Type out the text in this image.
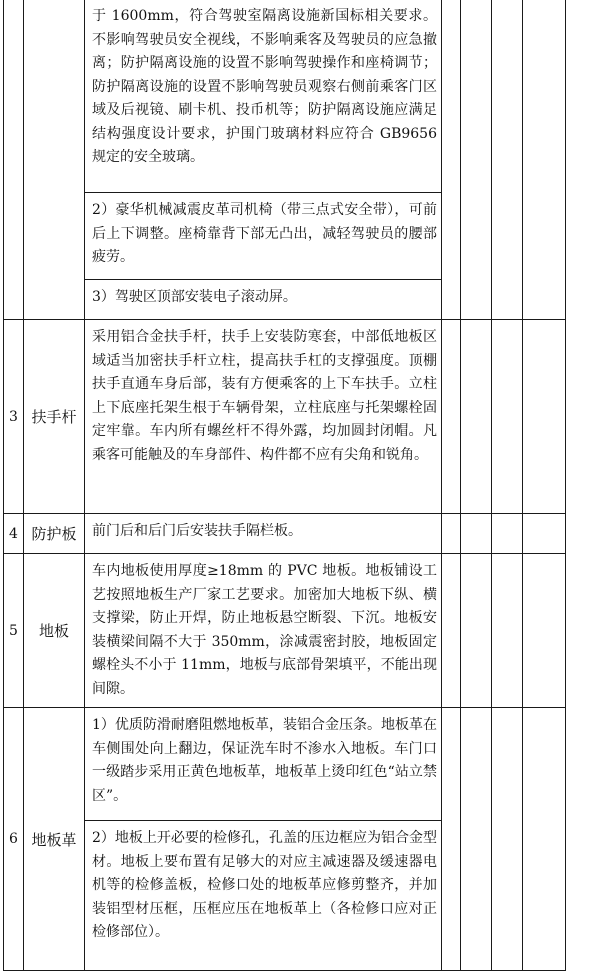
		于 1600mm，符合驾驶室隔离设施新国标相关要求。不影响驾驶员安全视线，不影响乘客及驾驶员的应急撤离；防护隔离设施的设置不影响驾驶操作和座椅调节；防护隔离设施的设置不影响驾驶员观察右侧前乘客门区域及后视镜、刷卡机、投币机等；防护隔离设施应满足结构强度设计要求，护围门玻璃材料应符合 GB9656 规定的安全玻璃。				
		2）豪华机械减震皮革司机椅（带三点式安全带），可前后上下调整。座椅靠背下部无凸出，减轻驾驶员的腰部疲劳。				
		3）驾驶区顶部安装电子滚动屏。				
3	扶手杆	采用铝合金扶手杆，扶手上安装防寒套，中部低地板区域适当加密扶手杆立柱，提高扶手杠的支撑强度。顶棚扶手直通车身后部，装有方便乘客的上下车扶手。立柱上下底座托架生根于车辆骨架，立柱底座与托架螺栓固定牢靠。车内所有螺丝杆不得外露，均加圆封闭帽。凡乘客可能触及的车身部件、构件都不应有尖角和锐角。				
4	防护板	前门后和后门后安装扶手隔栏板。				
5	地板	车内地板使用厚度≥18mm 的 PVC 地板。地板铺设工艺按照地板生产厂家工艺要求。加密加大地板下纵、横支撑梁，防止开焊，防止地板悬空断裂、下沉。地板安装横梁间隔不大于 350mm，涂减震密封胶，地板固定螺栓头不小于 11mm，地板与底部骨架填平，不能出现间隙。				
6	地板革	1）优质防滑耐磨阻燃地板革，装铝合金压条。地板革在车侧围处向上翻边，保证洗车时不渗水入地板。车门口一级踏步采用正黄色地板革，地板革上烫印红色“站立禁区”。				
		2）地板上开必要的检修孔，孔盖的压边框应为铝合金型材。地板上要布置有足够大的对应主减速器及缓速器电机等的检修盖板，检修口处的地板革应修剪整齐，并加装铝型材压框，压框应压在地板革上（各检修口应对正检修部位）。				
